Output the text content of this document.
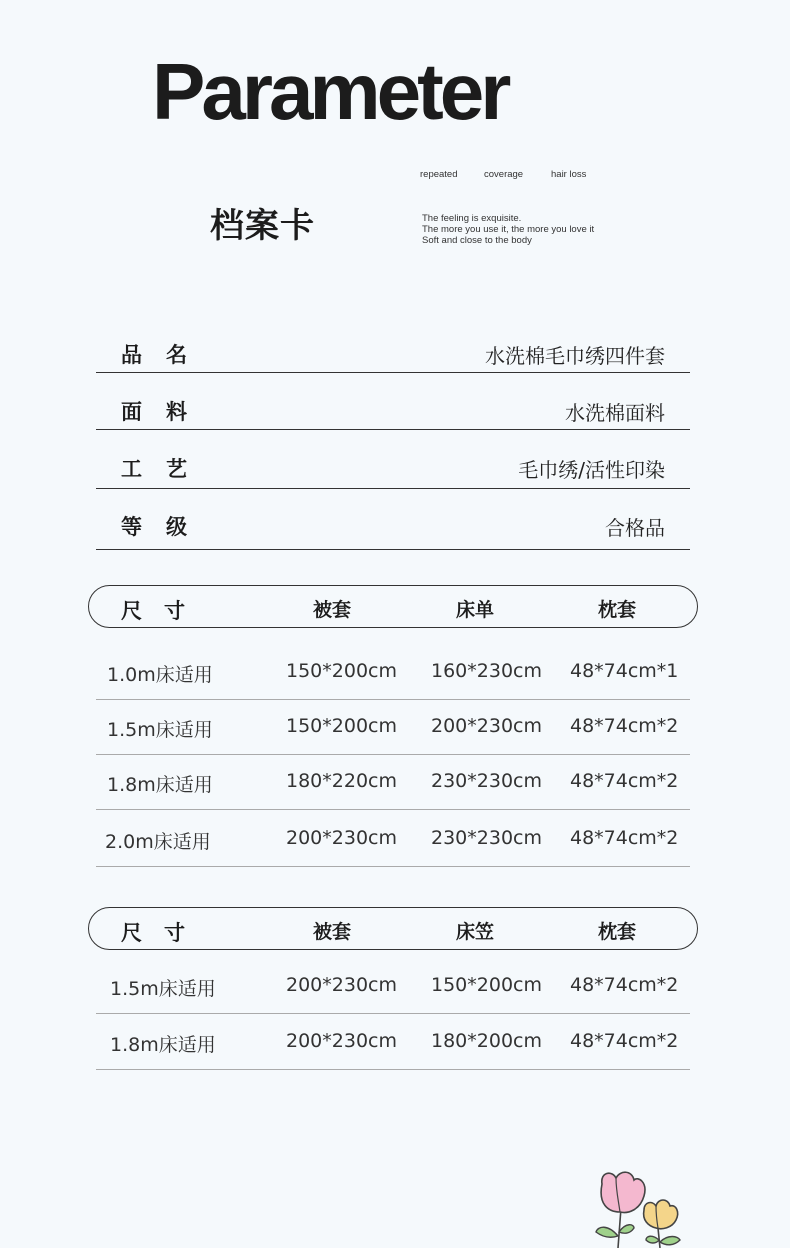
Parameter
档案卡
repeated	coverage	hair loss
The feeling is exquisite.
The more you use it, the more you love it
Soft and close to the body
品名	水洗棉毛巾绣四件套
面料	水洗棉面料
工艺	毛巾绣/活性印染
等级	合格品
尺寸	被套	床单	枕套
1.0m床适用	150*200cm 160*230cm 48*74cm*1
1.5m床适用	150*200cm 200*230cm 48*74cm*2
1.8m床适用	180*220cm 230*230cm 48*74cm*2
2.0m床适用	200*230cm 230*230cm 48*74cm*2
尺寸	被套	床笠	枕套
1.5m床适用	200*230cm 150*200cm 48*74cm*2
1.8m床适用	200*230cm 180*200cm 48*74cm*2
